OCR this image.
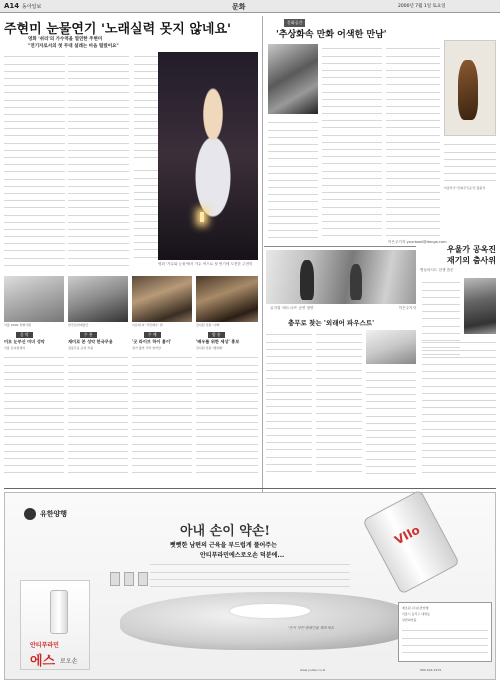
A14 동아일보	문화	2000년 7월 1일 토요일
주현미 눈물연기 '노래실력 못지 않네요'
영화 '쉬리'의 가수역을 열연한 주현미
"연기자로서의 첫 무대 설레는 마음 떨렸어요"
영화 '가수와 눈물'에서 가수 역으로 첫 연기에 도전한 주현미
문화공간
'추상화속 만화 어색한 만남'
이은주기자 yourbowl@donga.com
미술작가 '만화주인공'전 출품작
우울가 공옥진
재기의 춤사위
병들어서도 천생 춤꾼
뮤지컬 '파트너즈' 공연 장면	이은주기자
충무로 찾는 '외래어 파우스트'
서울 2000 특별기획	한국실천예술단	이순재 씨 '국민배우' 편	감사원 전통 '나해'
음 악
미모 눈부신 미녀 성악
서울 뮤지컬센터
무 용
재미로 본 성악 한국무용
장롱무용 공연 작품
무 예
'굿 라이브 하이 홈이'
정가 출연 국악 한마당
방 송
'배우를 위한 세상' 홍보
감사원 전통 '행복해'
유한양행
아내 손이 약손!
뻣뻣한 남편의 근육을 부드럽게 풀어주는
안티푸라민에스로오손 덕분에...
안티푸라민
에스 로오손
VIIo
'손이 약손'캠페인을 해보세요
제조원 (주)유한양행
서울시 동작구 대방동
일반의약품
www.yuhan.co.kr	080-024-1515
